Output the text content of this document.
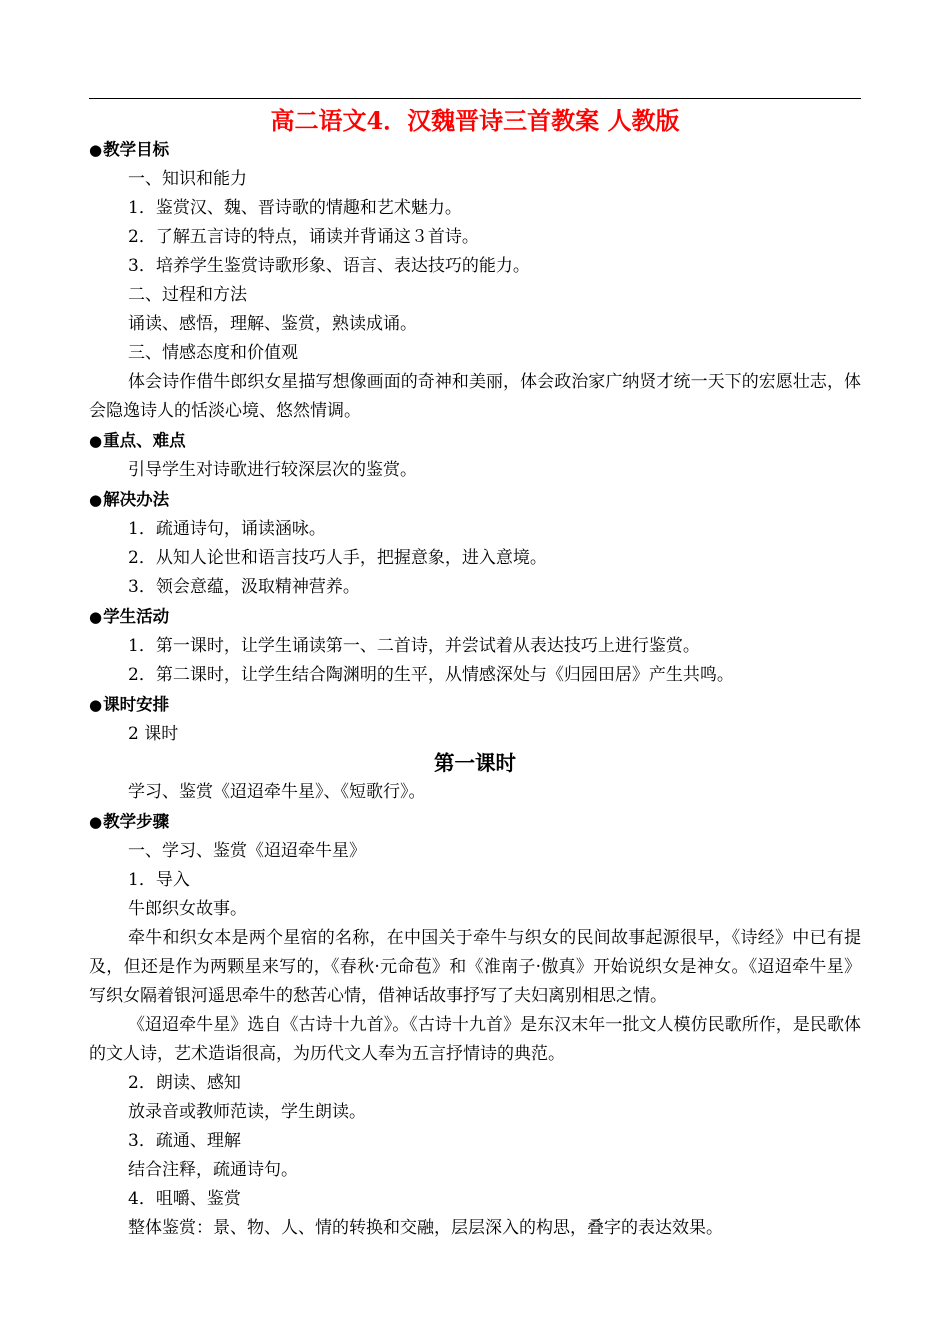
高二语文4．汉魏晋诗三首教案 人教版
●教学目标
一、知识和能力
1．鉴赏汉、魏、晋诗歌的情趣和艺术魅力。
2．了解五言诗的特点，诵读并背诵这３首诗。
3．培养学生鉴赏诗歌形象、语言、表达技巧的能力。
二、过程和方法
诵读、感悟，理解、鉴赏，熟读成诵。
三、情感态度和价值观
体会诗作借牛郎织女星描写想像画面的奇神和美丽，体会政治家广纳贤才统一天下的宏愿壮志，体会隐逸诗人的恬淡心境、悠然情调。
●重点、难点
引导学生对诗歌进行较深层次的鉴赏。
●解决办法
1．疏通诗句，诵读涵咏。
2．从知人论世和语言技巧人手，把握意象，进入意境。
3．领会意蕴，汲取精神营养。
●学生活动
1．第一课时，让学生诵读第一、二首诗，并尝试着从表达技巧上进行鉴赏。
2．第二课时，让学生结合陶渊明的生平，从情感深处与《归园田居》产生共鸣。
●课时安排
2 课时
第一课时
学习、鉴赏《迢迢牵牛星》、《短歌行》。
●教学步骤
一、学习、鉴赏《迢迢牵牛星》
1．导入
牛郎织女故事。
牵牛和织女本是两个星宿的名称，在中国关于牵牛与织女的民间故事起源很早，《诗经》中已有提及，但还是作为两颗星来写的，《春秋·元命苞》和《淮南子·傲真》开始说织女是神女。《迢迢牵牛星》写织女隔着银河遥思牵牛的愁苦心情，借神话故事抒写了夫妇离别相思之情。
《迢迢牵牛星》选自《古诗十九首》。《古诗十九首》是东汉末年一批文人模仿民歌所作，是民歌体的文人诗，艺术造诣很高，为历代文人奉为五言抒情诗的典范。
2．朗读、感知
放录音或教师范读，学生朗读。
3．疏通、理解
结合注释，疏通诗句。
4．咀嚼、鉴赏
整体鉴赏：景、物、人、情的转换和交融，层层深入的构思，叠字的表达效果。
